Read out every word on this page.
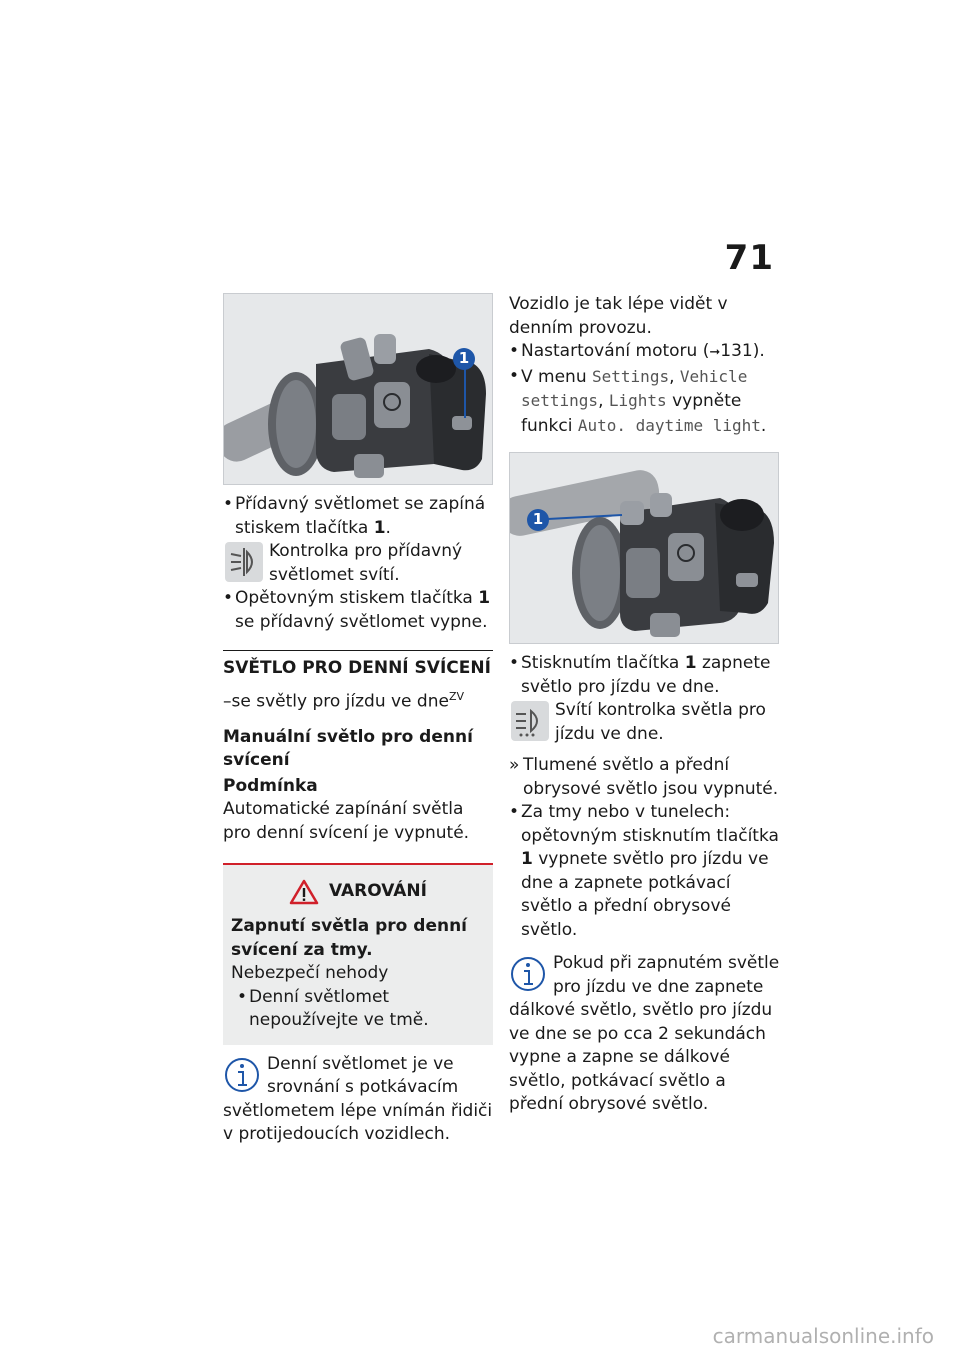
71
1
• Přídavný světlomet se zapíná stiskem tlačítka 1.
Kontrolka pro přídavný světlomet svítí.
• Opětovným stiskem tlačítka 1 se přídavný světlomet vypne.
SVĚTLO PRO DENNÍ SVÍCENÍ
–se světly pro jízdu ve dne$^{ZV}$
Manuální světlo pro denní svícení
Podmínka
Automatické zapínání světla pro denní svícení je vypnuté.
VAROVÁNÍ
Zapnutí světla pro denní svícení za tmy.
Nebezpečí nehody
• Denní světlomet nepoužívejte ve tmě.
Denní světlomet je ve srovnání s potkávacím světlometem lépe vnímán řidiči v protijedoucích vozidlech.
Vozidlo je tak lépe vidět v denním provozu.
• Nastartování motoru (➞131).
• V menu Settings, Vehicle settings, Lights vypněte funkci Auto. daytime light.
1
• Stisknutím tlačítka 1 zapnete světlo pro jízdu ve dne.
Svítí kontrolka světla pro jízdu ve dne.
» Tlumené světlo a přední obrysové světlo jsou vypnuté.
• Za tmy nebo v tunelech: opětovným stisknutím tlačítka 1 vypnete světlo pro jízdu ve dne a zapnete potkávací světlo a přední obrysové světlo.
Pokud při zapnutém světle pro jízdu ve dne zapnete dálkové světlo, světlo pro jízdu ve dne se po cca 2 sekundách vypne a zapne se dálkové světlo, potkávací světlo a přední obrysové světlo.
carmanualsonline.info
